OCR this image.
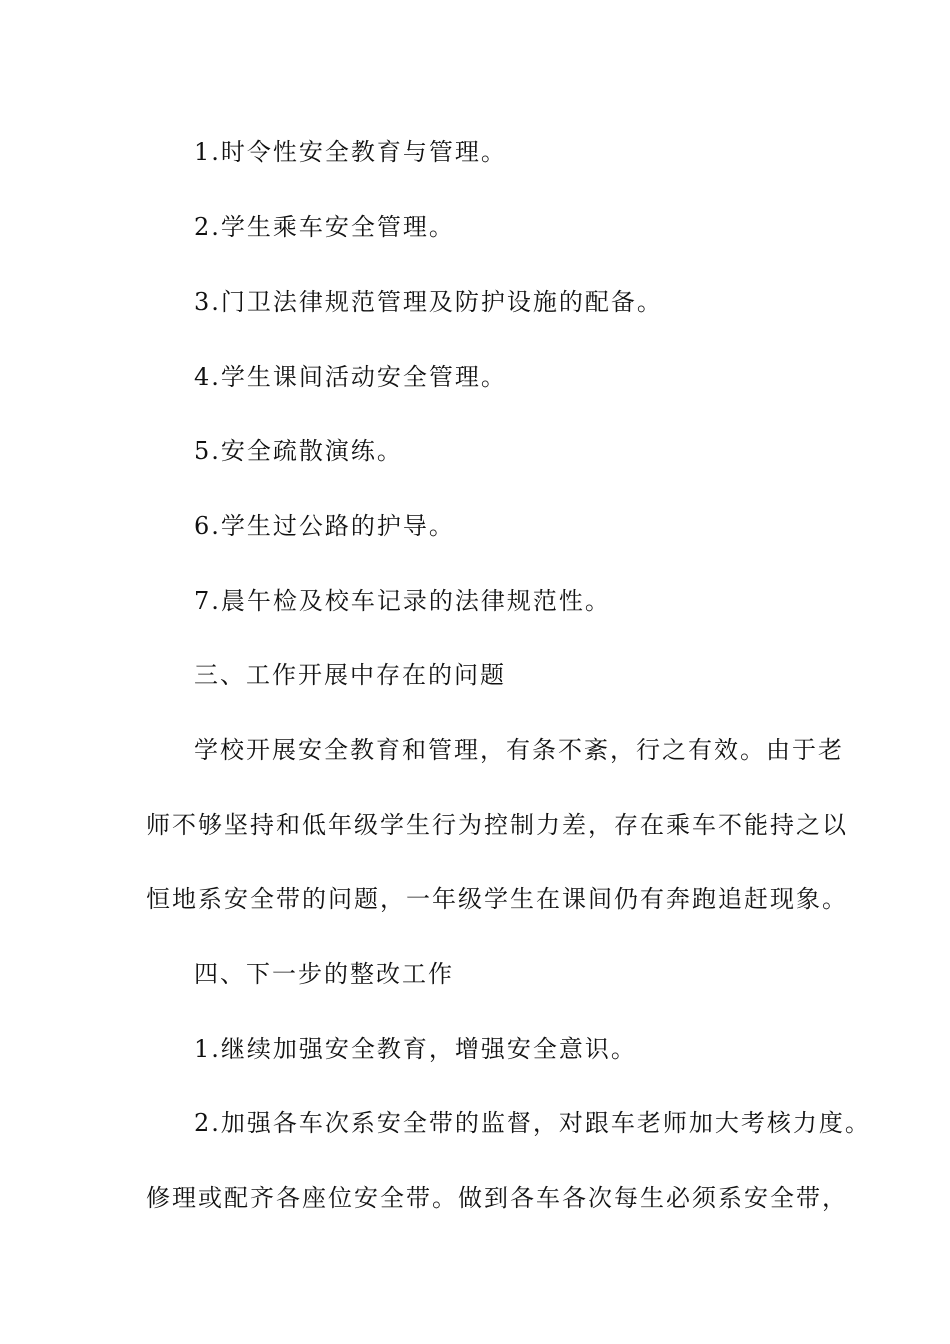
1.时令性安全教育与管理。
2.学生乘车安全管理。
3.门卫法律规范管理及防护设施的配备。
4.学生课间活动安全管理。
5.安全疏散演练。
6.学生过公路的护导。
7.晨午检及校车记录的法律规范性。
三、工作开展中存在的问题
学校开展安全教育和管理，有条不紊，行之有效。由于老
师不够坚持和低年级学生行为控制力差，存在乘车不能持之以
恒地系安全带的问题，一年级学生在课间仍有奔跑追赶现象。
四、下一步的整改工作
1.继续加强安全教育，增强安全意识。
2.加强各车次系安全带的监督，对跟车老师加大考核力度。
修理或配齐各座位安全带。做到各车各次每生必须系安全带，
